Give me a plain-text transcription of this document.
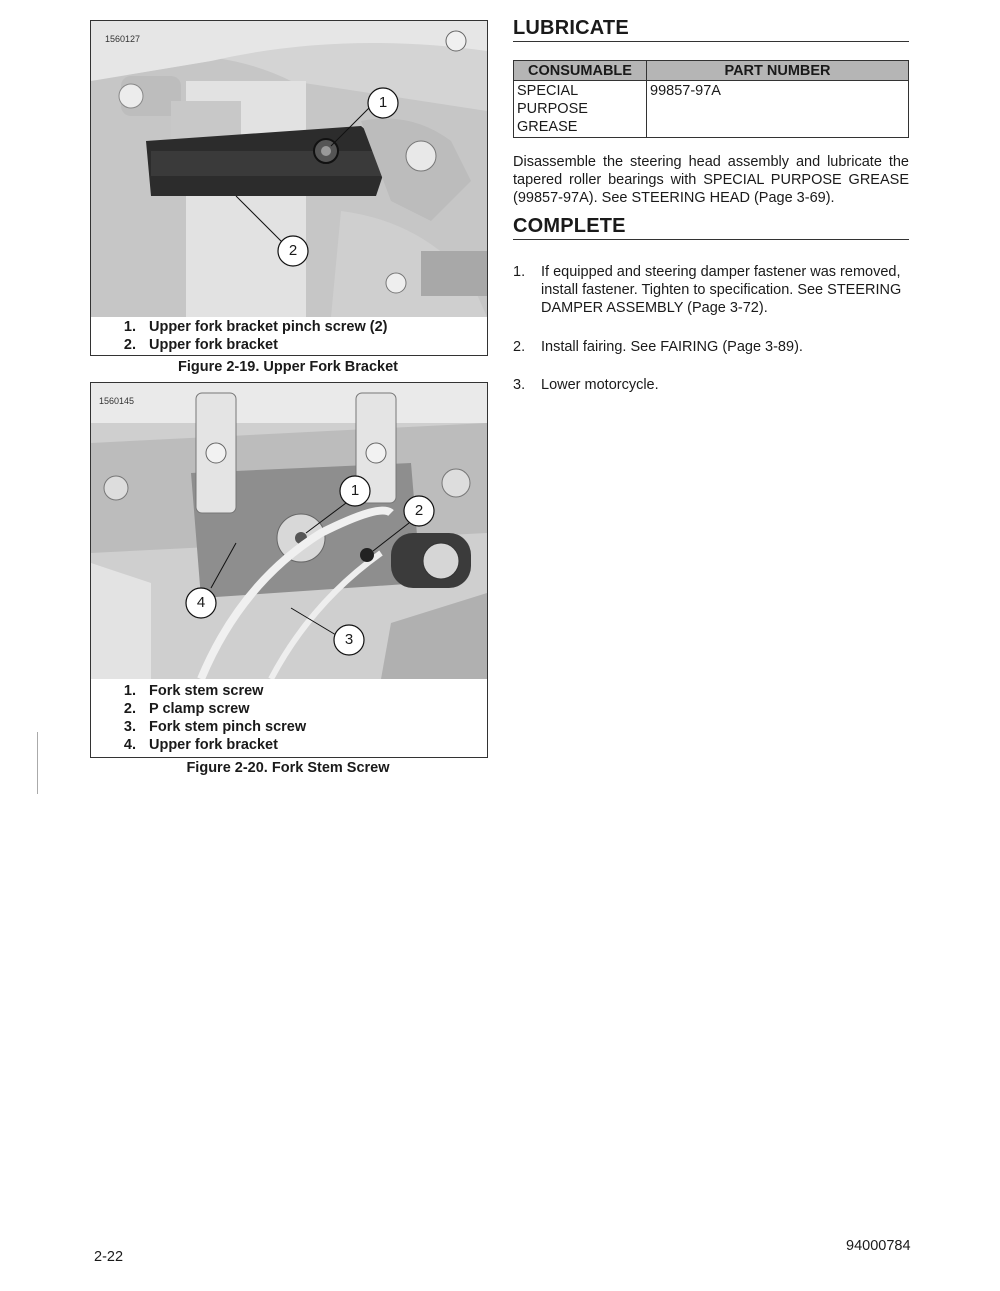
1
2
1560127
1. Upper fork bracket pinch screw (2)
2. Upper fork bracket
Figure 2-19. Upper Fork Bracket
1
2
3
4
1560145
1. Fork stem screw
2. P clamp screw
3. Fork stem pinch screw
4. Upper fork bracket
Figure 2-20. Fork Stem Screw
LUBRICATE
CONSUMABLE	PART NUMBER

SPECIAL
PURPOSE
GREASE	99857-97A
Disassemble the steering head assembly and lubricate the tapered roller bearings with SPECIAL PURPOSE GREASE (99857-97A). See STEERING HEAD (Page 3-69).
COMPLETE
1.	If equipped and steering damper fastener was removed, install fastener. Tighten to specification. See STEERING DAMPER ASSEMBLY (Page 3-72).
2.	Install fairing. See FAIRING (Page 3-89).
3.	Lower motorcycle.
2-22
94000784
